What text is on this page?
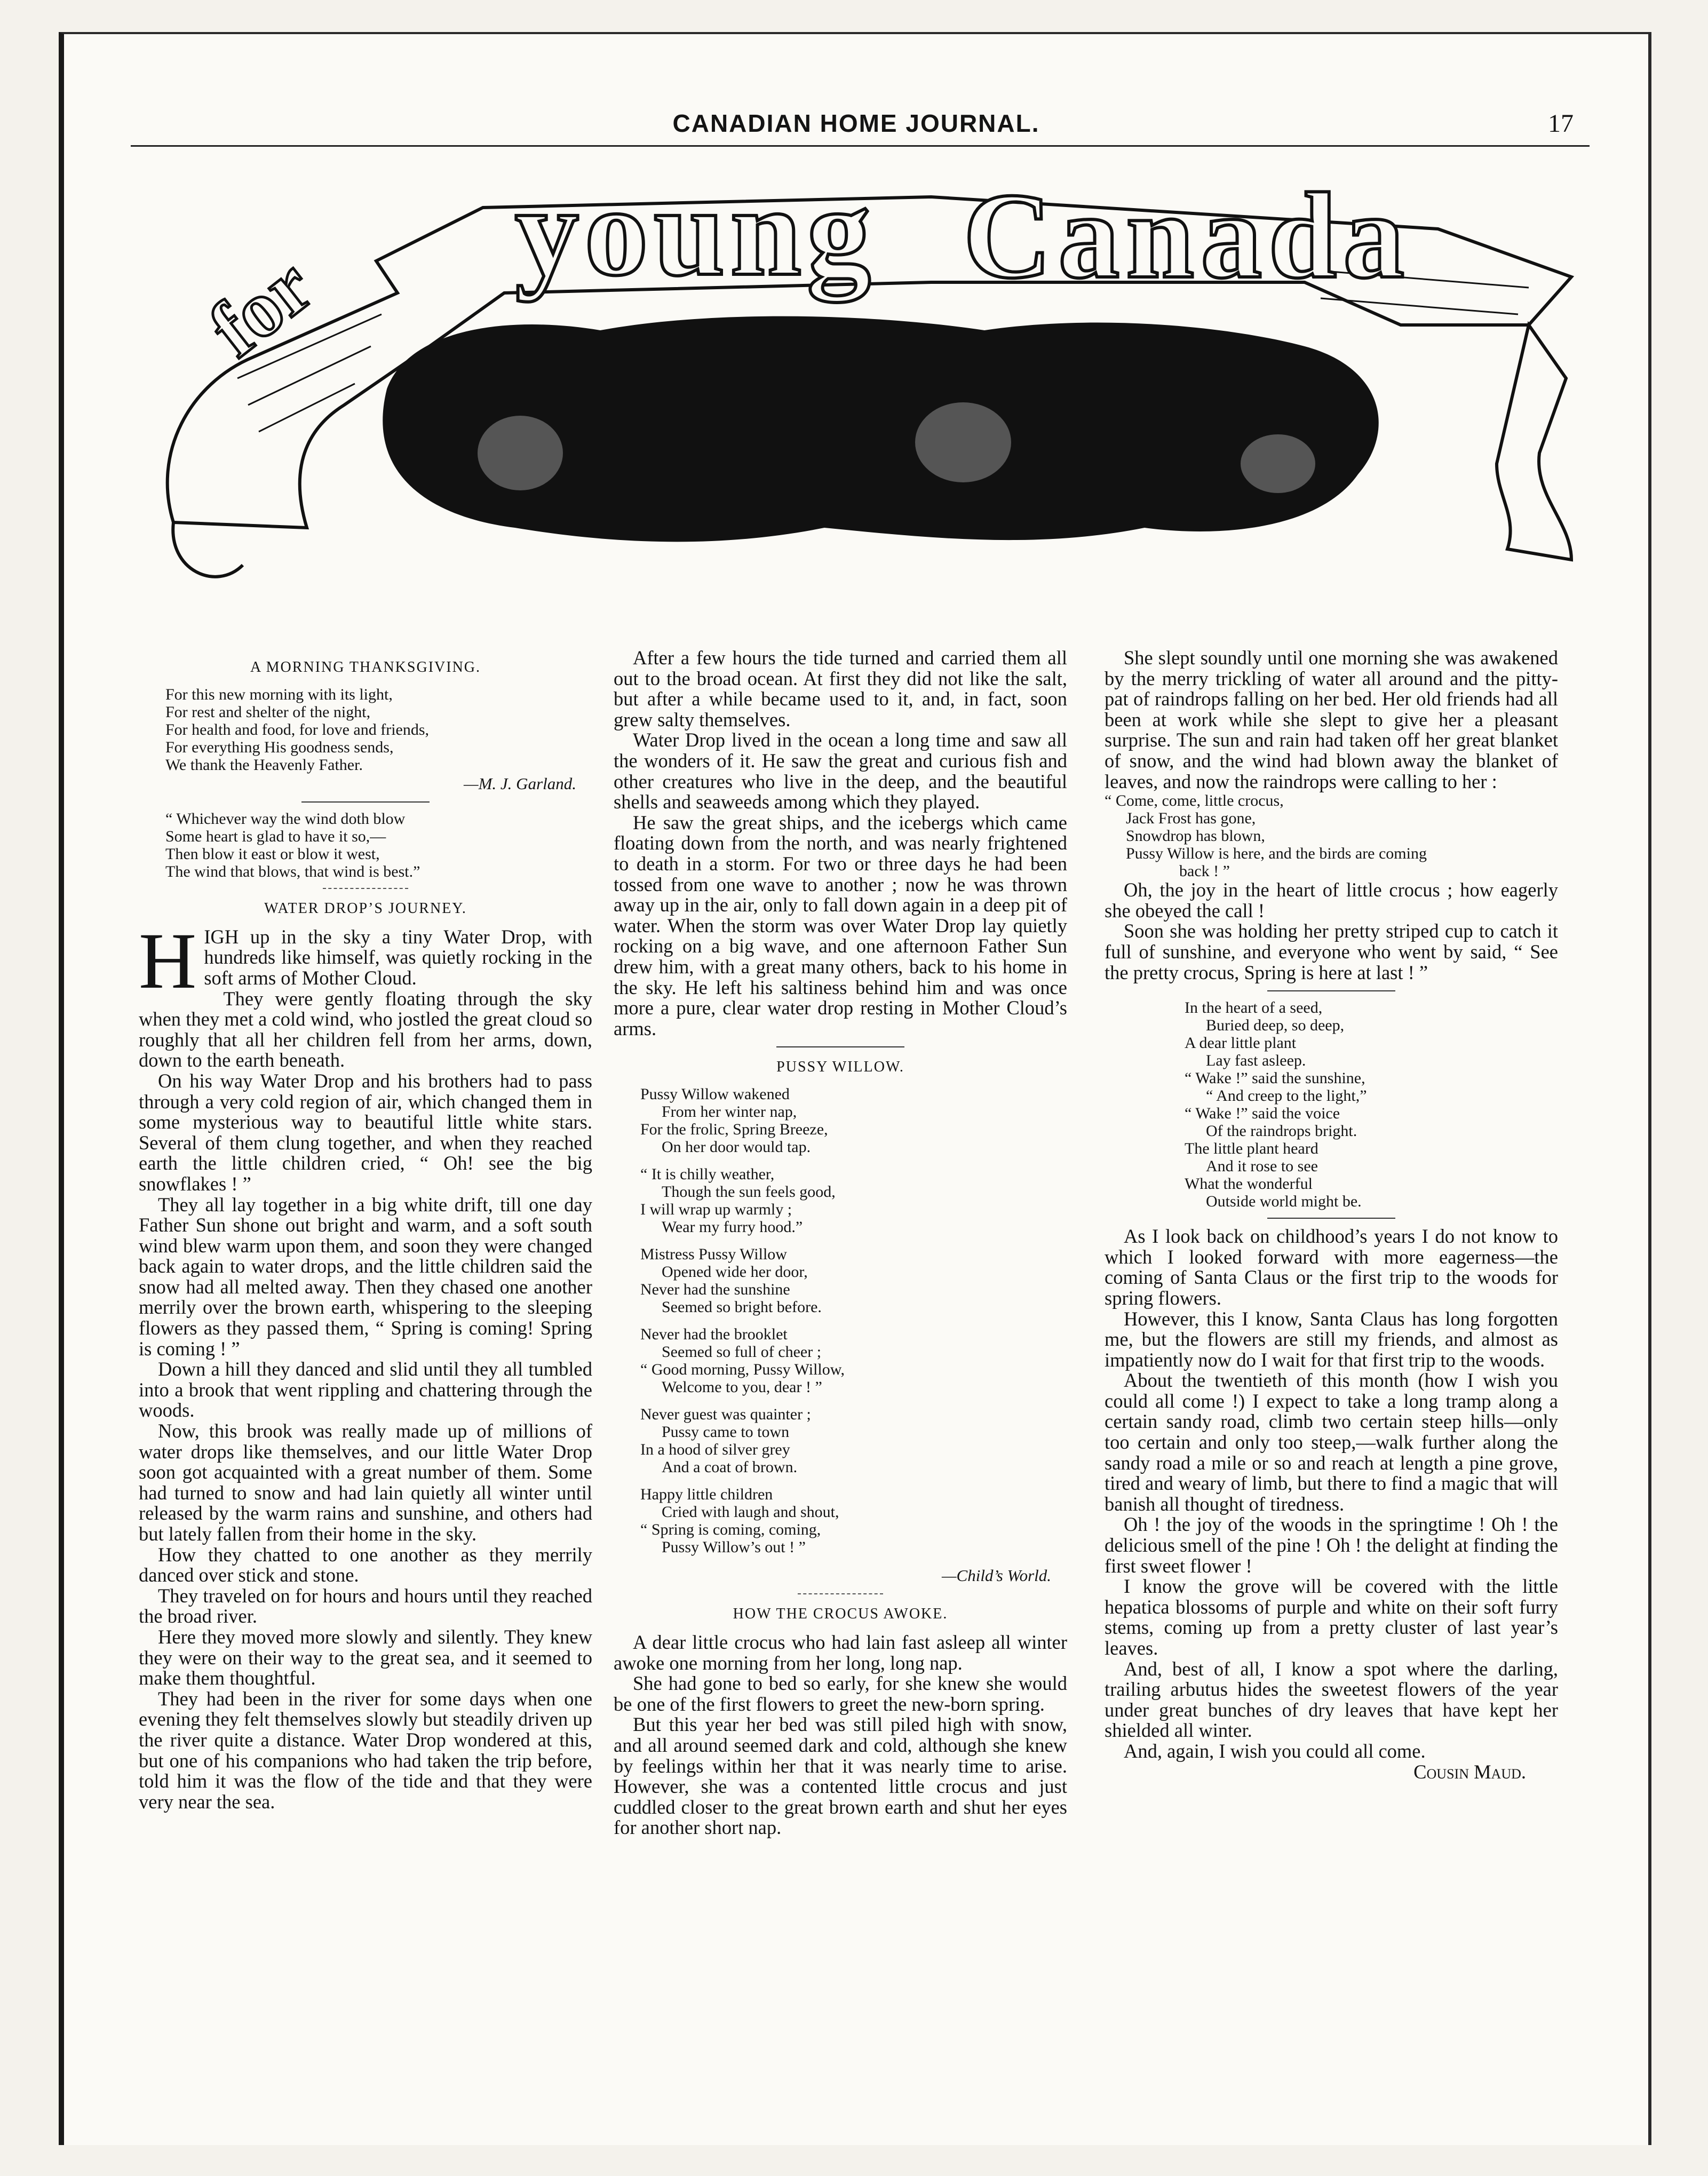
CANADIAN HOME JOURNAL.	17
for
young Canada
A MORNING THANKSGIVING.
For this new morning with its light,
For rest and shelter of the night,
For health and food, for love and friends,
For everything His goodness sends,
We thank the Heavenly Father.
—M. J. Garland.
“ Whichever way the wind doth blow
Some heart is glad to have it so,—
Then blow it east or blow it west,
The wind that blows, that wind is best.”
WATER DROP’S JOURNEY.

H IGH up in the sky a tiny Water Drop, with hundreds like himself, was quietly rocking in the soft arms of Mother Cloud.

They were gently floating through the sky when they met a cold wind, who jostled the great cloud so roughly that all her children fell from her arms, down, down to the earth beneath.

On his way Water Drop and his brothers had to pass through a very cold region of air, which changed them in some mysterious way to beautiful little white stars. Several of them clung together, and when they reached earth the little children cried, “ Oh! see the big snowflakes ! ”

They all lay together in a big white drift, till one day Father Sun shone out bright and warm, and a soft south wind blew warm upon them, and soon they were changed back again to water drops, and the little children said the snow had all melted away. Then they chased one another merrily over the brown earth, whispering to the sleeping flowers as they passed them, “ Spring is coming! Spring is coming ! ”

Down a hill they danced and slid until they all tumbled into a brook that went rippling and chattering through the woods.

Now, this brook was really made up of millions of water drops like themselves, and our little Water Drop soon got acquainted with a great number of them. Some had turned to snow and had lain quietly all winter until released by the warm rains and sunshine, and others had but lately fallen from their home in the sky.

How they chatted to one another as they merrily danced over stick and stone.

They traveled on for hours and hours until they reached the broad river.

Here they moved more slowly and silently. They knew they were on their way to the great sea, and it seemed to make them thoughtful.

They had been in the river for some days when one evening they felt themselves slowly but steadily driven up the river quite a distance. Water Drop wondered at this, but one of his companions who had taken the trip before, told him it was the flow of the tide and that they were very near the sea.

After a few hours the tide turned and carried them all out to the broad ocean. At first they did not like the salt, but after a while became used to it, and, in fact, soon grew salty themselves.

Water Drop lived in the ocean a long time and saw all the wonders of it. He saw the great and curious fish and other creatures who live in the deep, and the beautiful shells and seaweeds among which they played.

He saw the great ships, and the icebergs which came floating down from the north, and was nearly frightened to death in a storm. For two or three days he had been tossed from one wave to another ; now he was thrown away up in the air, only to fall down again in a deep pit of water. When the storm was over Water Drop lay quietly rocking on a big wave, and one afternoon Father Sun drew him, with a great many others, back to his home in the sky. He left his saltiness behind him and was once more a pure, clear water drop resting in Mother Cloud’s arms.

PUSSY WILLOW.
Pussy Willow wakened
From her winter nap,
For the frolic, Spring Breeze,
On her door would tap.
“ It is chilly weather,
Though the sun feels good,
I will wrap up warmly ;
Wear my furry hood.”
Mistress Pussy Willow
Opened wide her door,
Never had the sunshine
Seemed so bright before.
Never had the brooklet
Seemed so full of cheer ;
“ Good morning, Pussy Willow,
Welcome to you, dear ! ”
Never guest was quainter ;
Pussy came to town
In a hood of silver grey
And a coat of brown.
Happy little children
Cried with laugh and shout,
“ Spring is coming, coming,
Pussy Willow’s out ! ”
—Child’s World.
HOW THE CROCUS AWOKE.

A dear little crocus who had lain fast asleep all winter awoke one morning from her long, long nap.

She had gone to bed so early, for she knew she would be one of the first flowers to greet the new-born spring.

But this year her bed was still piled high with snow, and all around seemed dark and cold, although she knew by feelings within her that it was nearly time to arise. However, she was a contented little crocus and just cuddled closer to the great brown earth and shut her eyes for another short nap.

She slept soundly until one morning she was awakened by the merry trickling of water all around and the pitty-pat of raindrops falling on her bed. Her old friends had all been at work while she slept to give her a pleasant surprise. The sun and rain had taken off her great blanket of snow, and the wind had blown away the blanket of leaves, and now the raindrops were calling to her :

“ Come, come, little crocus,
Jack Frost has gone,
Snowdrop has blown,
Pussy Willow is here, and the birds are coming
back ! ”

Oh, the joy in the heart of little crocus ; how eagerly she obeyed the call !

Soon she was holding her pretty striped cup to catch it full of sunshine, and everyone who went by said, “ See the pretty crocus, Spring is here at last ! ”

In the heart of a seed,
Buried deep, so deep,
A dear little plant
Lay fast asleep.
“ Wake !” said the sunshine,
“ And creep to the light,”
“ Wake !” said the voice
Of the raindrops bright.
The little plant heard
And it rose to see
What the wonderful
Outside world might be.

As I look back on childhood’s years I do not know to which I looked forward with more eagerness—the coming of Santa Claus or the first trip to the woods for spring flowers.

However, this I know, Santa Claus has long forgotten me, but the flowers are still my friends, and almost as impatiently now do I wait for that first trip to the woods.

About the twentieth of this month (how I wish you could all come !) I expect to take a long tramp along a certain sandy road, climb two certain steep hills—only too certain and only too steep,—walk further along the sandy road a mile or so and reach at length a pine grove, tired and weary of limb, but there to find a magic that will banish all thought of tiredness.

Oh ! the joy of the woods in the springtime ! Oh ! the delicious smell of the pine ! Oh ! the delight at finding the first sweet flower !

I know the grove will be covered with the little hepatica blossoms of purple and white on their soft furry stems, coming up from a pretty cluster of last year’s leaves.

And, best of all, I know a spot where the darling, trailing arbutus hides the sweetest flowers of the year under great bunches of dry leaves that have kept her shielded all winter.

And, again, I wish you could all come.

Cousin Maud.
